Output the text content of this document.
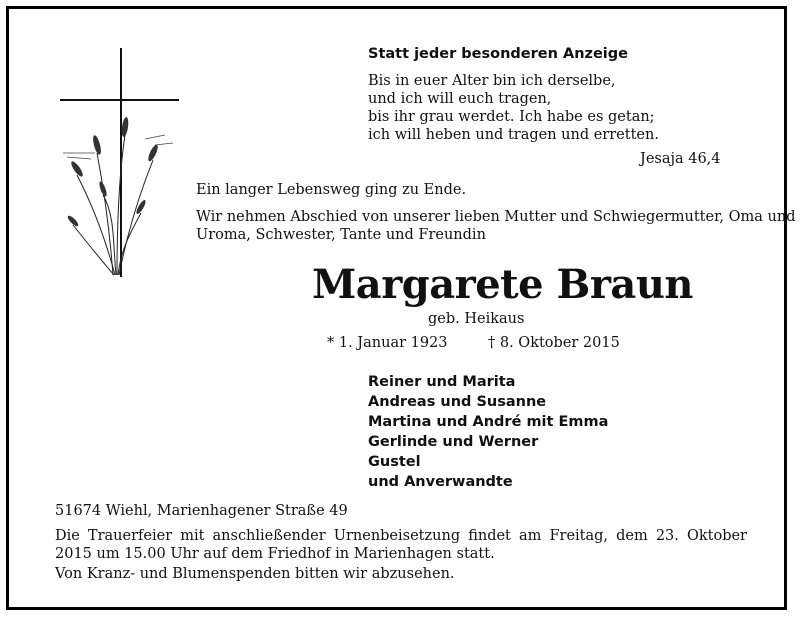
Statt jeder besonderen Anzeige
Bis in euer Alter bin ich derselbe,
und ich will euch tragen,
bis ihr grau werdet. Ich habe es getan;
ich will heben und tragen und erretten.
Jesaja 46,4
Ein langer Lebensweg ging zu Ende.
Wir nehmen Abschied von unserer lieben Mutter und Schwiegermutter, Oma und
Uroma, Schwester, Tante und Freundin
Margarete Braun
geb. Heikaus
* 1. Januar 1923	† 8. Oktober 2015
Reiner und Marita
Andreas und Susanne
Martina und André mit Emma
Gerlinde und Werner
Gustel
und Anverwandte
51674 Wiehl, Marienhagener Straße 49
Die Trauerfeier mit anschließender Urnenbeisetzung findet am Freitag, dem 23. Oktober 2015 um 15.00 Uhr auf dem Friedhof in Marienhagen statt.
Von Kranz- und Blumenspenden bitten wir abzusehen.
